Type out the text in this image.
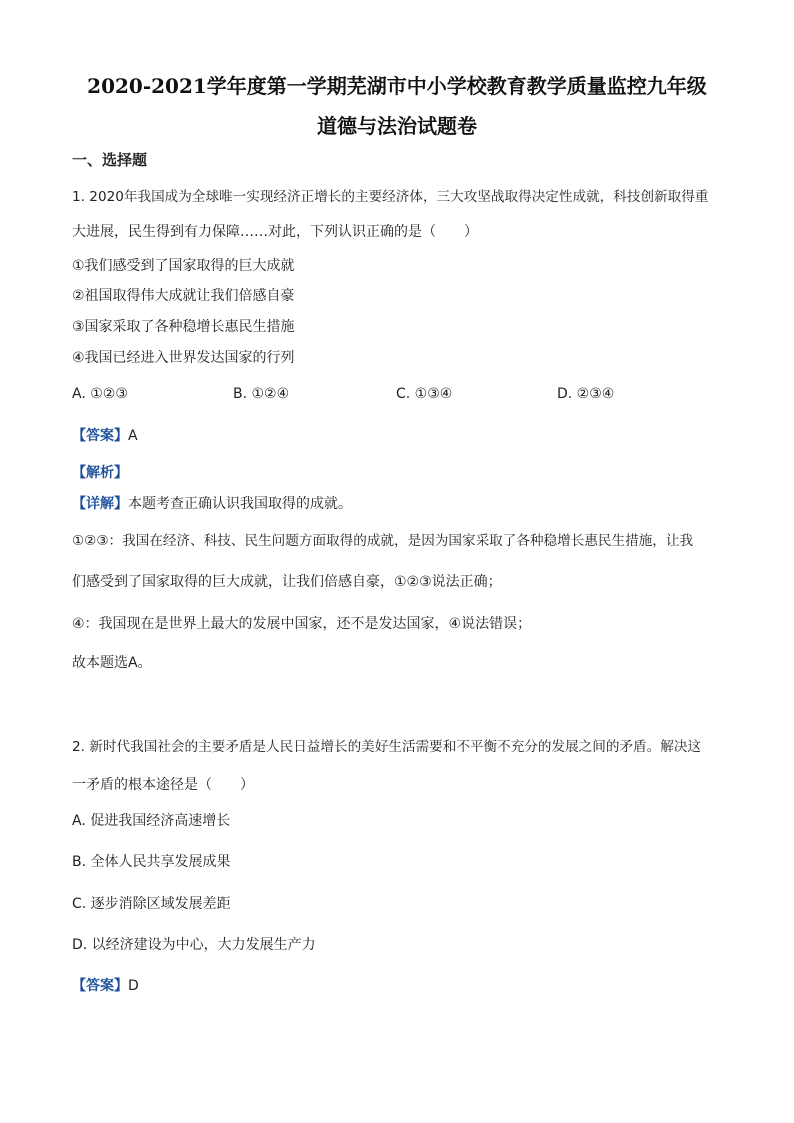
2020-2021学年度第一学期芜湖市中小学校教育教学质量监控九年级
道德与法治试题卷
一、选择题
1. 2020年我国成为全球唯一实现经济正增长的主要经济体，三大攻坚战取得决定性成就，科技创新取得重
大进展，民生得到有力保障……对此，下列认识正确的是（　　）
①我们感受到了国家取得的巨大成就
②祖国取得伟大成就让我们倍感自豪
③国家采取了各种稳增长惠民生措施
④我国已经进入世界发达国家的行列
A. ①②③	B. ①②④	C. ①③④	D. ②③④
【答案】A
【解析】
【详解】本题考查正确认识我国取得的成就。
①②③：我国在经济、科技、民生问题方面取得的成就，是因为国家采取了各种稳增长惠民生措施，让我
们感受到了国家取得的巨大成就，让我们倍感自豪，①②③说法正确；
④：我国现在是世界上最大的发展中国家，还不是发达国家，④说法错误；
故本题选A。
2. 新时代我国社会的主要矛盾是人民日益增长的美好生活需要和不平衡不充分的发展之间的矛盾。解决这
一矛盾的根本途径是（　　）
A. 促进我国经济高速增长
B. 全体人民共享发展成果
C. 逐步消除区域发展差距
D. 以经济建设为中心，大力发展生产力
【答案】D
